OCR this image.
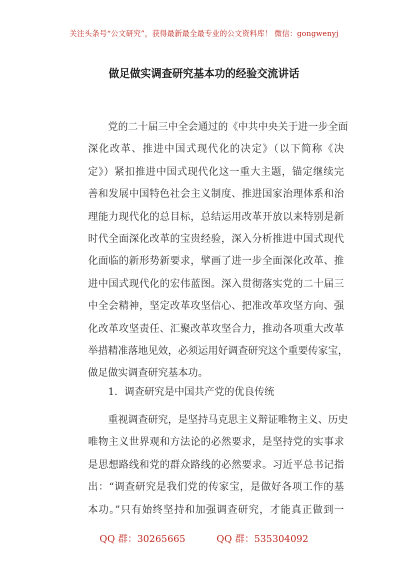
关注头条号“公文研究”，获得最新最全最专业的公文资料库！ 微信：gongwenyj
做足做实调查研究基本功的经验交流讲话
党的二十届三中全会通过的《中共中央关于进一步全面
深化改革、推进中国式现代化的决定》（以下简称《决
定》）紧扣推进中国式现代化这一重大主题，锚定继续完
善和发展中国特色社会主义制度、推进国家治理体系和治
理能力现代化的总目标，总结运用改革开放以来特别是新
时代全面深化改革的宝贵经验，深入分析推进中国式现代
化面临的新形势新要求，擘画了进一步全面深化改革、推
进中国式现代化的宏伟蓝图。深入贯彻落实党的二十届三
中全会精神，坚定改革攻坚信心、把准改革攻坚方向、强
化改革攻坚责任、汇聚改革攻坚合力，推动各项重大改革
举措精准落地见效，必须运用好调查研究这个重要传家宝，
做足做实调查研究基本功。
1．调查研究是中国共产党的优良传统
重视调查研究，是坚持马克思主义辩证唯物主义、历史
唯物主义世界观和方法论的必然要求，是坚持党的实事求
是思想路线和党的群众路线的必然要求。习近平总书记指
出：“调查研究是我们党的传家宝，是做好各项工作的基
本功。”只有始终坚持和加强调查研究，才能真正做到一
QQ 群：30265665	QQ 群：535304092
